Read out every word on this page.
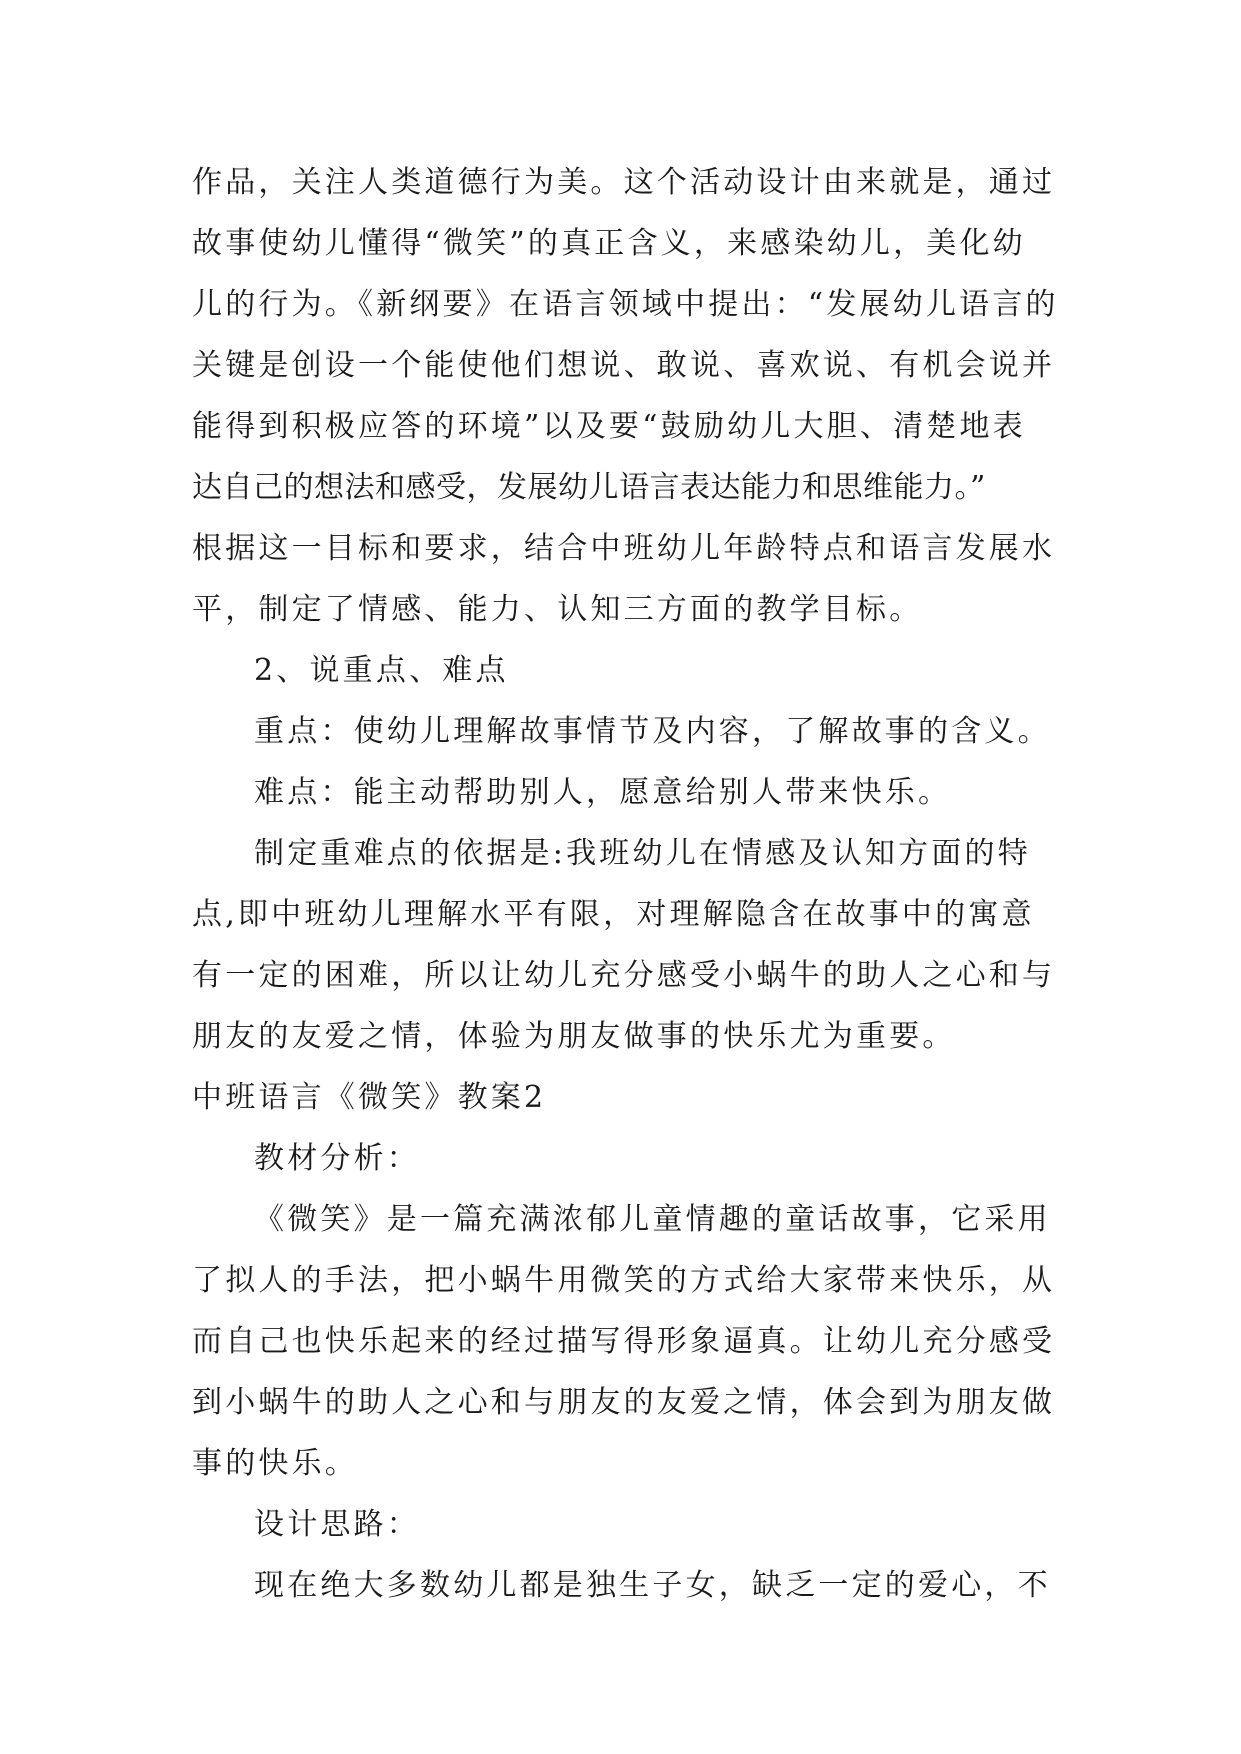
作品，关注人类道德行为美。这个活动设计由来就是，通过
故事使幼儿懂得“微笑”的真正含义，来感染幼儿，美化幼
儿的行为。《新纲要》在语言领域中提出：“发展幼儿语言的
关键是创设一个能使他们想说、敢说、喜欢说、有机会说并
能得到积极应答的环境”以及要“鼓励幼儿大胆、清楚地表
达自己的想法和感受，发展幼儿语言表达能力和思维能力。”
根据这一目标和要求，结合中班幼儿年龄特点和语言发展水
平，制定了情感、能力、认知三方面的教学目标。
2、说重点、难点
重点：使幼儿理解故事情节及内容，了解故事的含义。
难点：能主动帮助别人，愿意给别人带来快乐。
制定重难点的依据是:我班幼儿在情感及认知方面的特
点,即中班幼儿理解水平有限，对理解隐含在故事中的寓意
有一定的困难，所以让幼儿充分感受小蜗牛的助人之心和与
朋友的友爱之情，体验为朋友做事的快乐尤为重要。
中班语言《微笑》教案2
教材分析：
《微笑》是一篇充满浓郁儿童情趣的童话故事，它采用
了拟人的手法，把小蜗牛用微笑的方式给大家带来快乐，从
而自己也快乐起来的经过描写得形象逼真。让幼儿充分感受
到小蜗牛的助人之心和与朋友的友爱之情，体会到为朋友做
事的快乐。
设计思路：
现在绝大多数幼儿都是独生子女，缺乏一定的爱心，不
